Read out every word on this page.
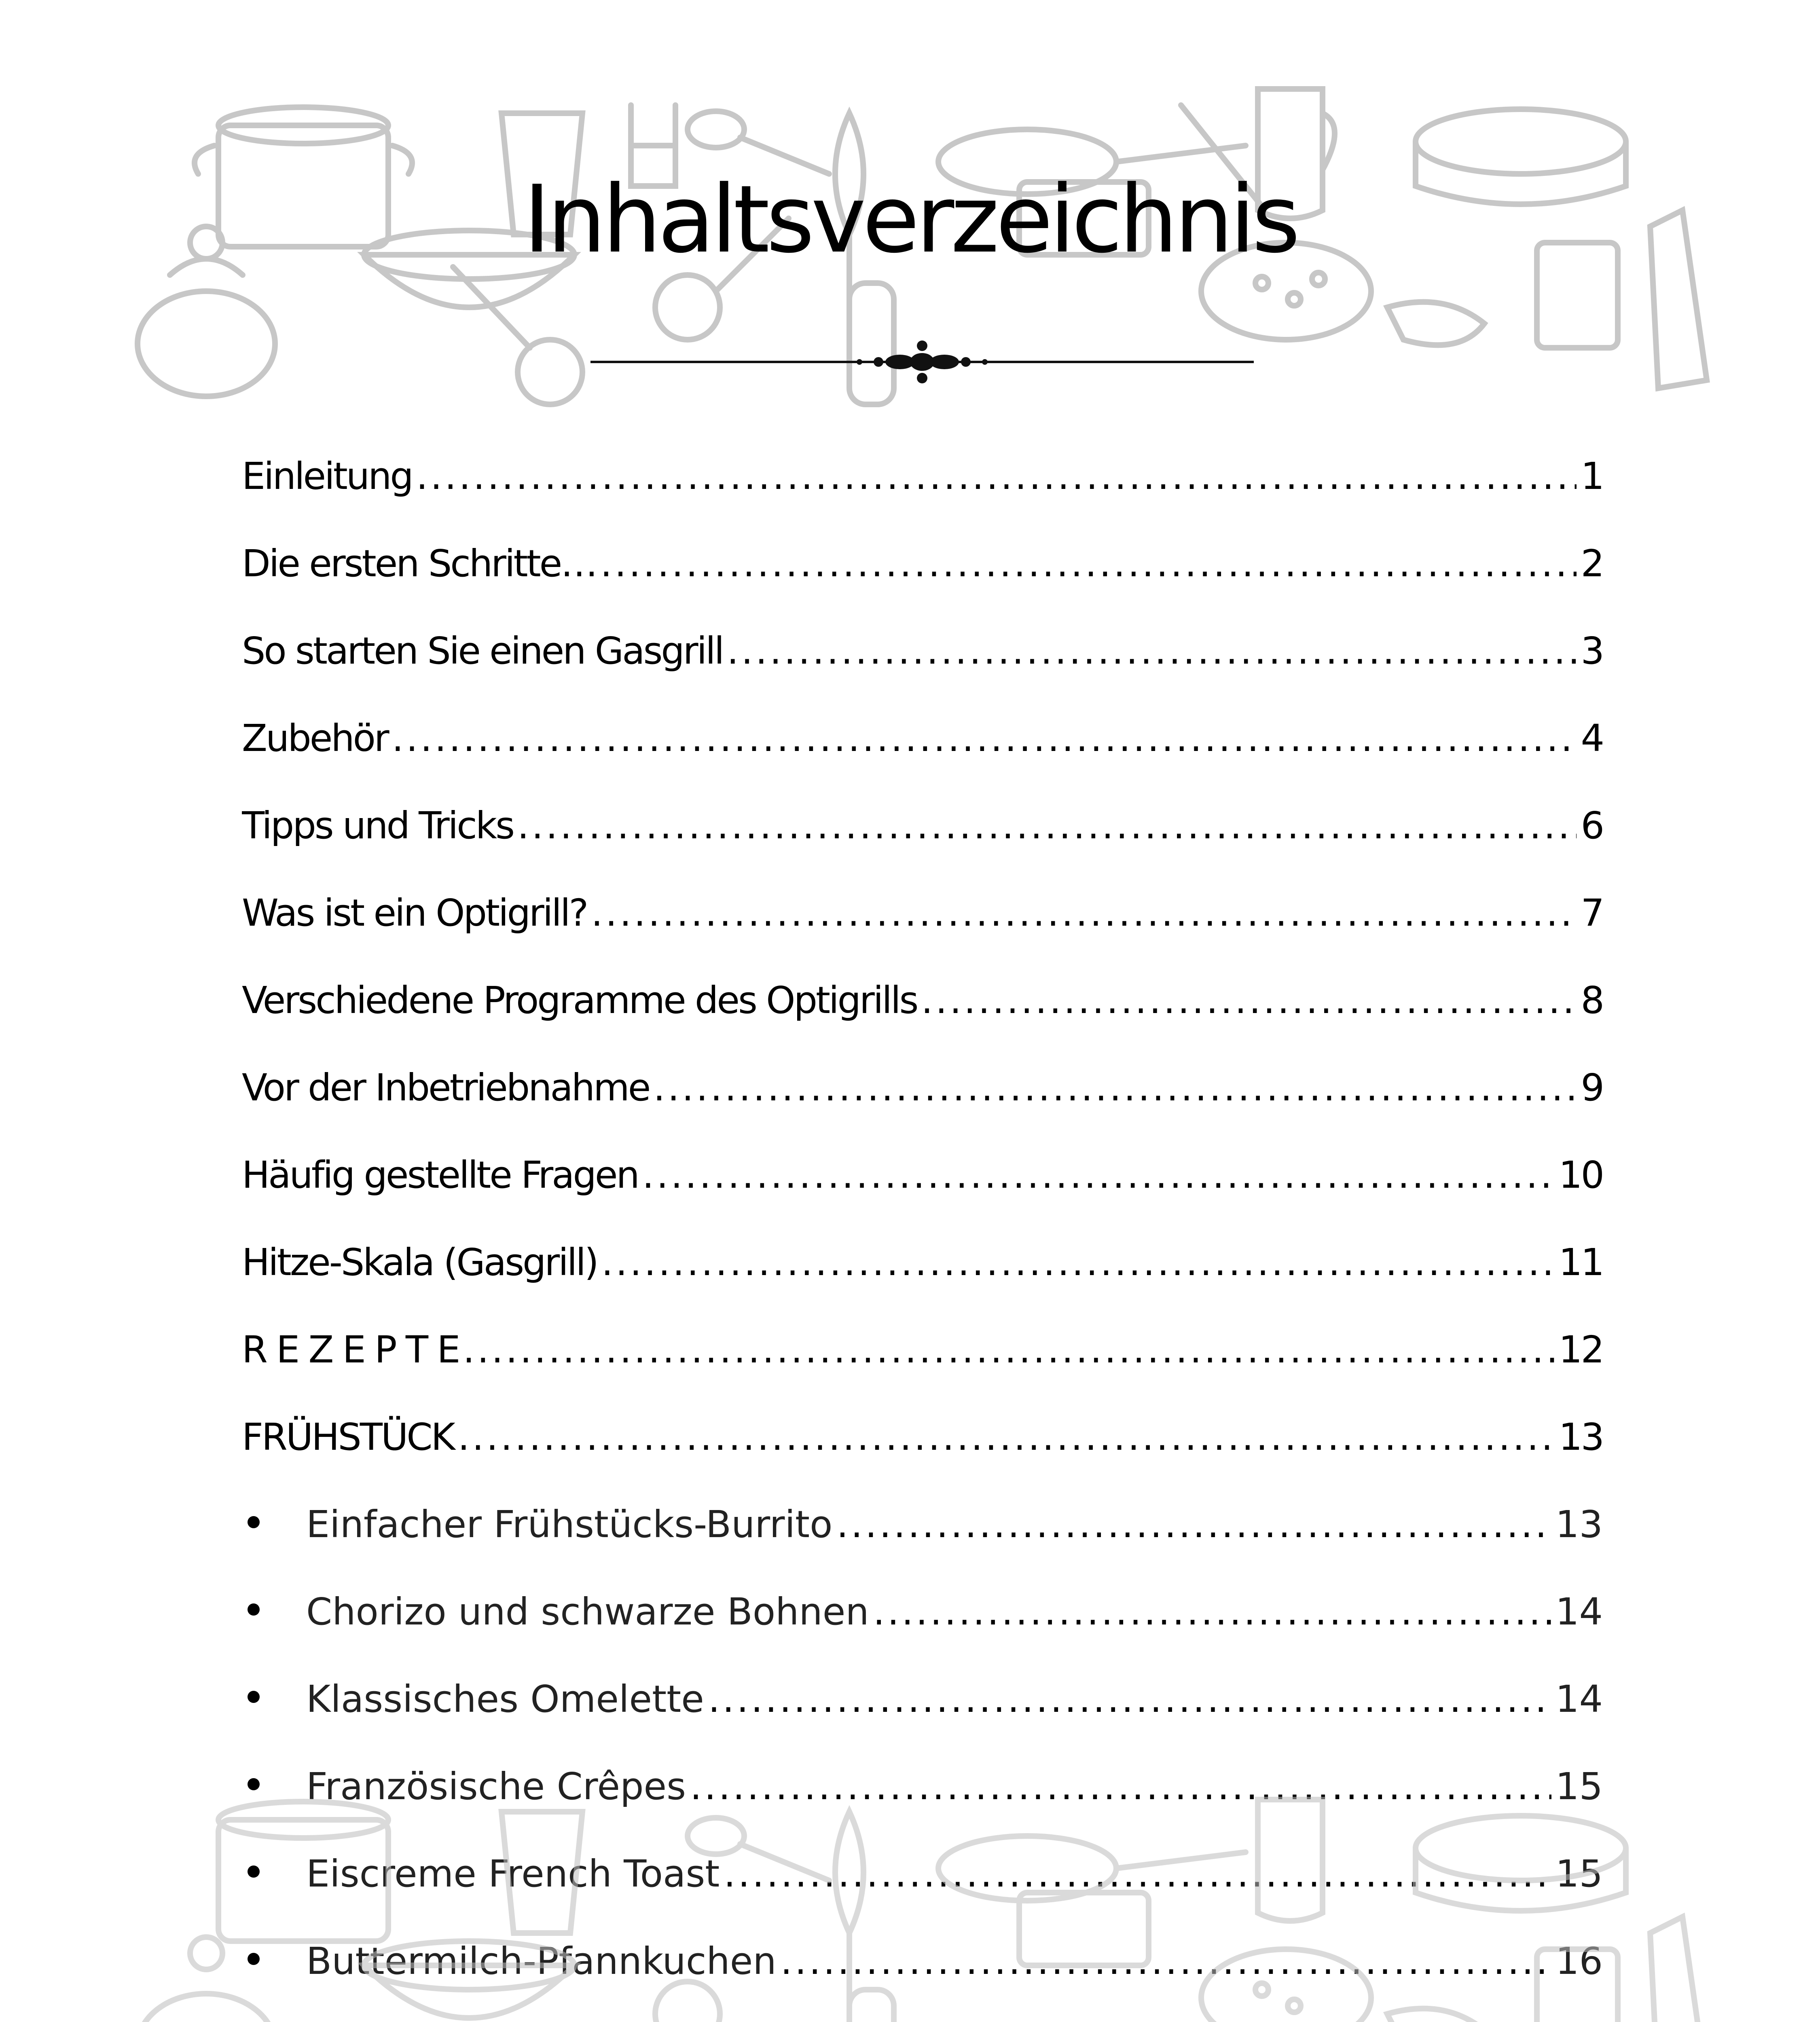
Inhaltsverzeichnis
Einleitung .....	1
Die ersten Schritte… .....	2
So starten Sie einen Gasgrill .....	3
Zubehör .....	4
Tipps und Tricks .....	6
Was ist ein Optigrill? .....	7
Verschiedene Programme des Optigrills .....	8
Vor der Inbetriebnahme .....	9
Häufig gestellte Fragen .....	10
Hitze-Skala (Gasgrill) .....	11
R E Z E P T E .....	12
FRÜHSTÜCK .....	13
Einfacher Frühstücks-Burrito .....	13
Chorizo und schwarze Bohnen .....	14
Klassisches Omelette .....	14
Französische Crêpes .....	15
Eiscreme French Toast .....	15
Buttermilch-Pfannkuchen .....	16
.....
